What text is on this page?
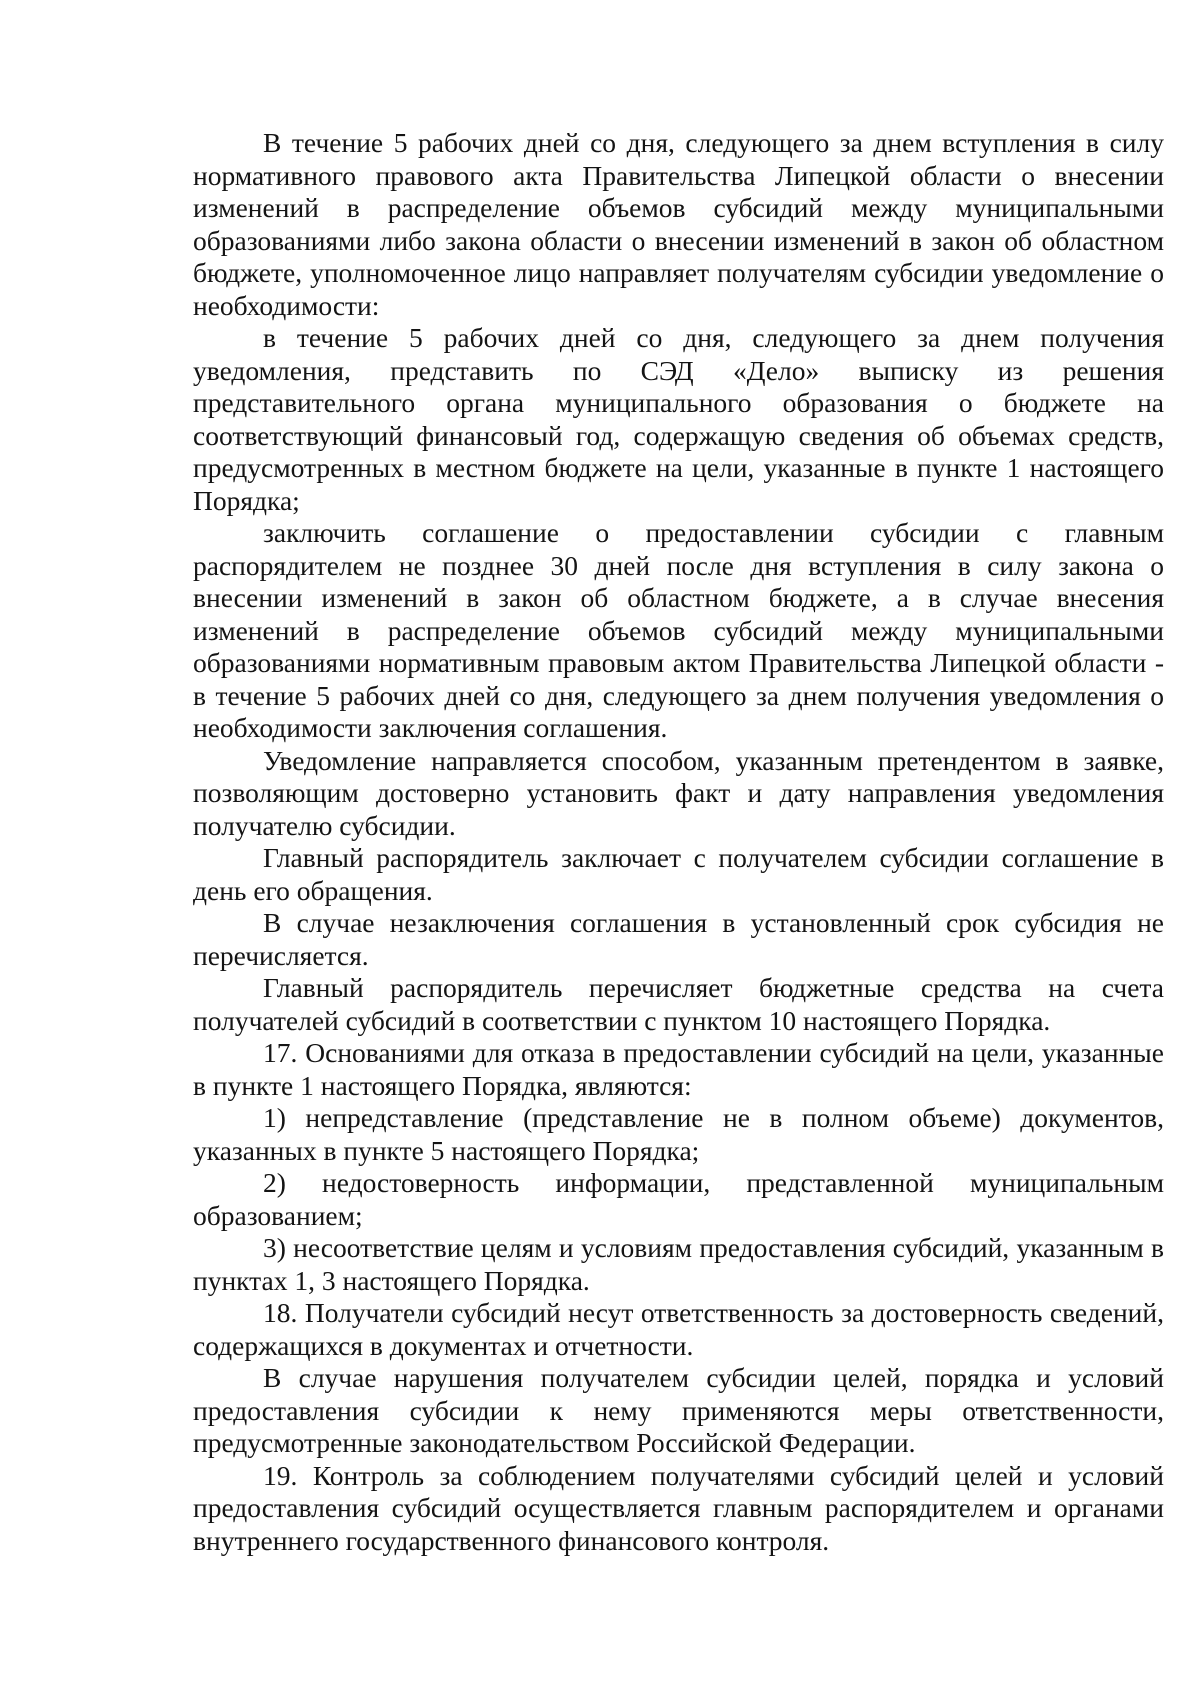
В течение 5 рабочих дней со дня, следующего за днем вступления в силу нормативного правового акта Правительства Липецкой области о внесении изменений в распределение объемов субсидий между муниципальными образованиями либо закона области о внесении изменений в закон об областном бюджете, уполномоченное лицо направляет получателям субсидии уведомление о необходимости:

в течение 5 рабочих дней со дня, следующего за днем получения уведомления, представить по СЭД «Дело» выписку из решения представительного органа муниципального образования о бюджете на соответствующий финансовый год, содержащую сведения об объемах средств, предусмотренных в местном бюджете на цели, указанные в пункте 1 настоящего Порядка;

заключить соглашение о предоставлении субсидии с главным распорядителем не позднее 30 дней после дня вступления в силу закона о внесении изменений в закон об областном бюджете, а в случае внесения изменений в распределение объемов субсидий между муниципальными образованиями нормативным правовым актом Правительства Липецкой области - в течение 5 рабочих дней со дня, следующего за днем получения уведомления о необходимости заключения соглашения.

Уведомление направляется способом, указанным претендентом в заявке, позволяющим достоверно установить факт и дату направления уведомления получателю субсидии.

Главный распорядитель заключает с получателем субсидии соглашение в день его обращения.

В случае незаключения соглашения в установленный срок субсидия не перечисляется.

Главный распорядитель перечисляет бюджетные средства на счета получателей субсидий в соответствии с пунктом 10 настоящего Порядка.

17. Основаниями для отказа в предоставлении субсидий на цели, указанные в пункте 1 настоящего Порядка, являются:

1) непредставление (представление не в полном объеме) документов, указанных в пункте 5 настоящего Порядка;

2) недостоверность информации, представленной муниципальным образованием;

3) несоответствие целям и условиям предоставления субсидий, указанным в пунктах 1, 3 настоящего Порядка.

18. Получатели субсидий несут ответственность за достоверность сведений, содержащихся в документах и отчетности.

В случае нарушения получателем субсидии целей, порядка и условий предоставления субсидии к нему применяются меры ответственности, предусмотренные законодательством Российской Федерации.

19. Контроль за соблюдением получателями субсидий целей и условий предоставления субсидий осуществляется главным распорядителем и органами внутреннего государственного финансового контроля.
